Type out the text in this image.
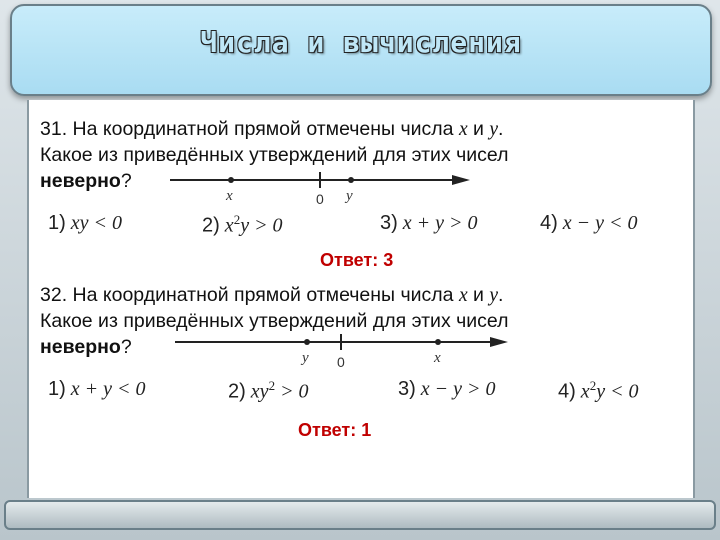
Числа и вычисления
31. На координатной прямой отмечены числа x и y.
Какое из приведённых утверждений для этих чисел
неверно?
x	0 y
1) xy < 0	2) $x^2y > 0$	3) x + y > 0	4) x − y < 0
Ответ: 3
32. На координатной прямой отмечены числа x и y.
Какое из приведённых утверждений для этих чисел
неверно?	y 0	x
1) x + y < 0	2) $xy^2 > 0$	3) x − y > 0	4) $x^2y < 0$
Ответ: 1
